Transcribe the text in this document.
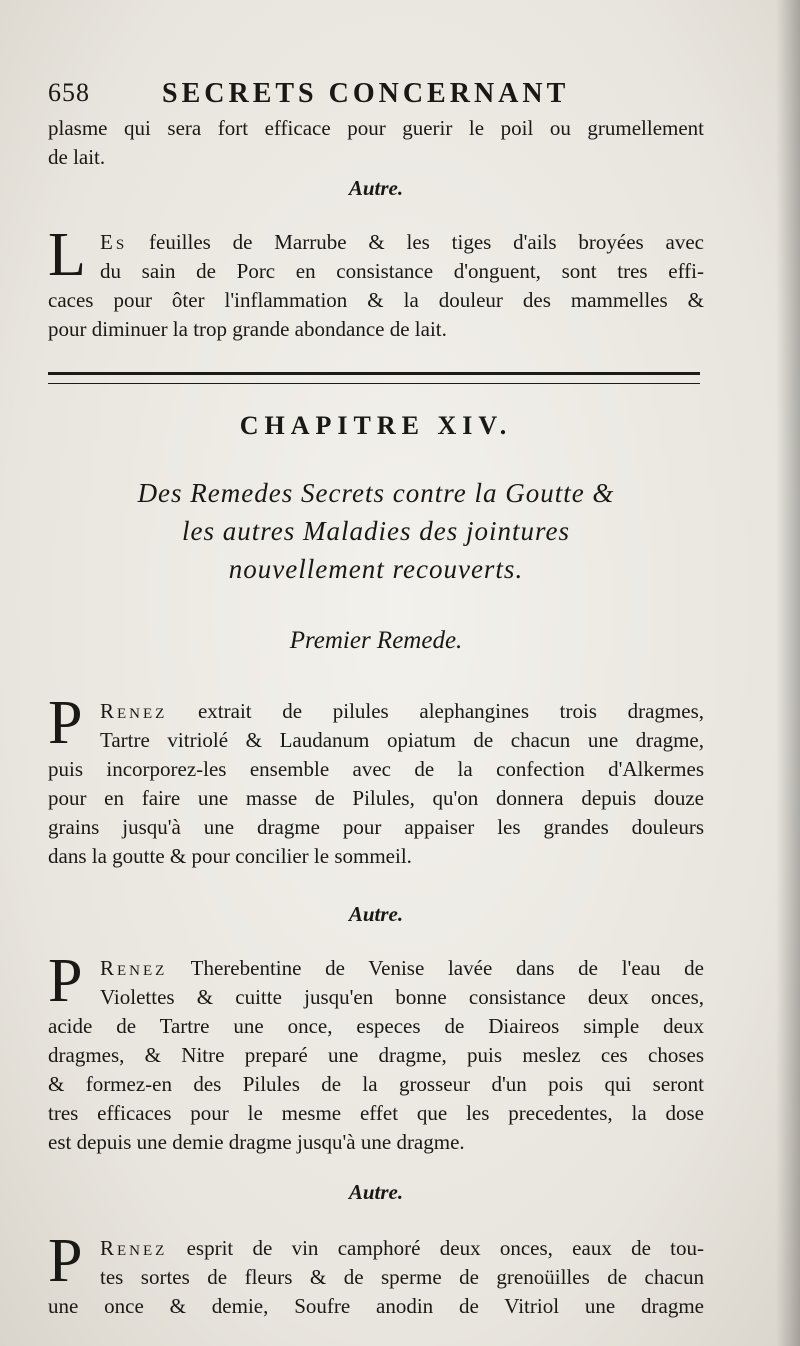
658	SECRETS CONCERNANT
plasme qui sera fort efficace pour guerir le poil ou grumellement
de lait.
Autre.
L Es feuilles de Marrube & les tiges d'ails broyées avec
du sain de Porc en consistance d'onguent, sont tres effi-
caces pour ôter l'inflammation & la douleur des mammelles &
pour diminuer la trop grande abondance de lait.
CHAPITRE XIV.
Des Remedes Secrets contre la Goutte &
les autres Maladies des jointures
nouvellement recouverts.
Premier Remede.
P Renez extrait de pilules alephangines trois dragmes,
Tartre vitriolé & Laudanum opiatum de chacun une dragme,
puis incorporez-les ensemble avec de la confection d'Alkermes
pour en faire une masse de Pilules, qu'on donnera depuis douze
grains jusqu'à une dragme pour appaiser les grandes douleurs
dans la goutte & pour concilier le sommeil.
Autre.
P Renez Therebentine de Venise lavée dans de l'eau de
Violettes & cuitte jusqu'en bonne consistance deux onces,
acide de Tartre une once, especes de Diaireos simple deux
dragmes, & Nitre preparé une dragme, puis meslez ces choses
& formez-en des Pilules de la grosseur d'un pois qui seront
tres efficaces pour le mesme effet que les precedentes, la dose
est depuis une demie dragme jusqu'à une dragme.
Autre.
P Renez esprit de vin camphoré deux onces, eaux de tou-
tes sortes de fleurs & de sperme de grenoüilles de chacun
une once & demie, Soufre anodin de Vitriol une dragme
